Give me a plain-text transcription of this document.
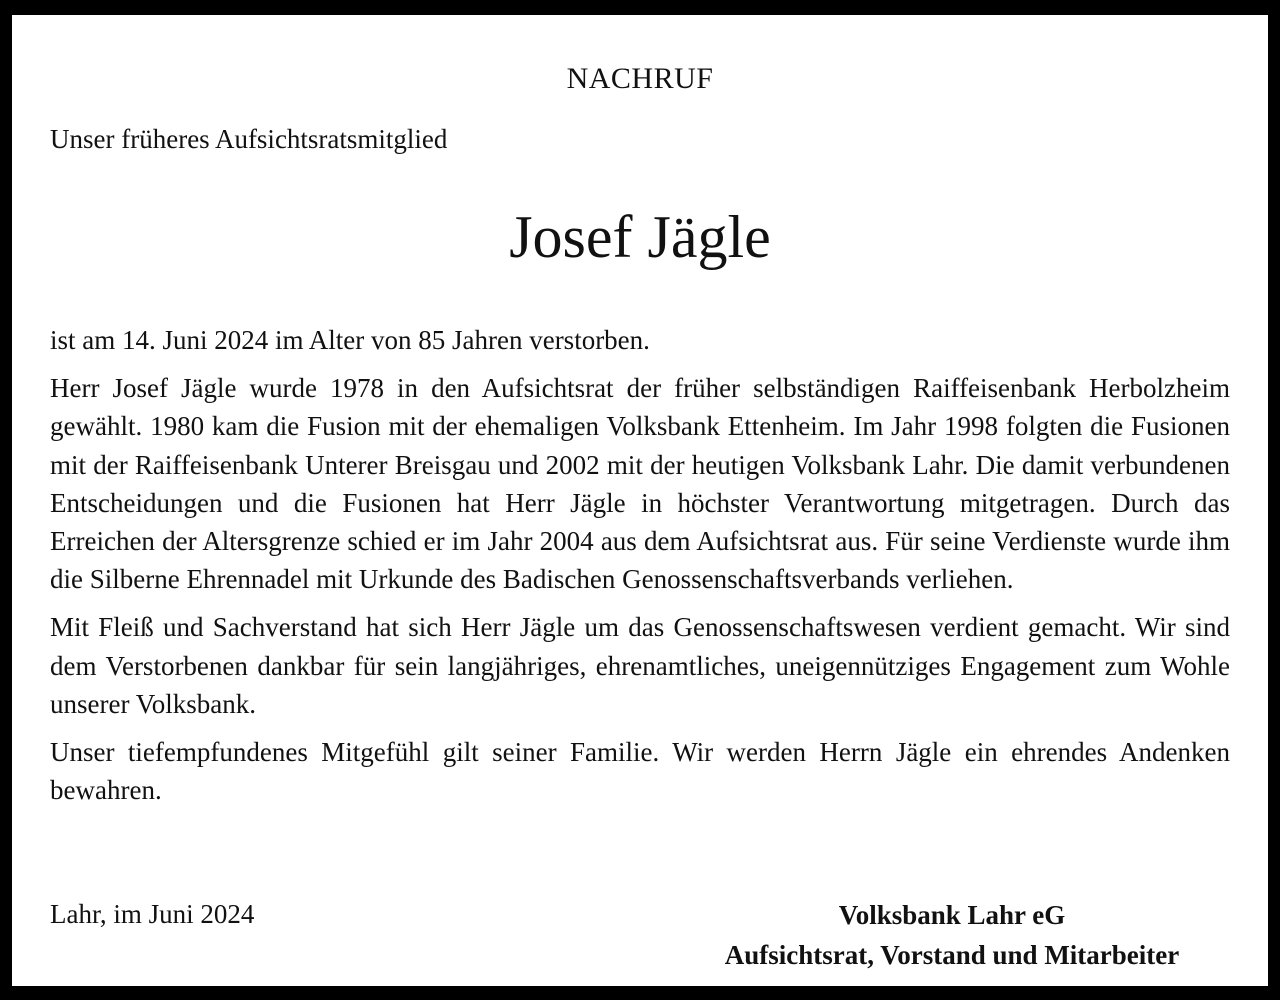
NACHRUF
Unser früheres Aufsichtsratsmitglied
Josef Jägle

ist am 14. Juni 2024 im Alter von 85 Jahren verstorben.

Herr Josef Jägle wurde 1978 in den Aufsichtsrat der früher selbständigen Raiffeisenbank Herbolzheim gewählt. 1980 kam die Fusion mit der ehemaligen Volksbank Ettenheim. Im Jahr 1998 folgten die Fusionen mit der Raiffeisenbank Unterer Breisgau und 2002 mit der heutigen Volksbank Lahr. Die damit verbundenen Entscheidungen und die Fusionen hat Herr Jägle in höchster Verantwortung mitgetragen. Durch das Erreichen der Altersgrenze schied er im Jahr 2004 aus dem Aufsichtsrat aus. Für seine Verdienste wurde ihm die Silberne Ehrennadel mit Urkunde des Badischen Genossenschaftsverbands verliehen.

Mit Fleiß und Sachverstand hat sich Herr Jägle um das Genossenschaftswesen verdient gemacht. Wir sind dem Verstorbenen dankbar für sein langjähriges, ehrenamtliches, uneigennütziges Engagement zum Wohle unserer Volksbank.

Unser tiefempfundenes Mitgefühl gilt seiner Familie. Wir werden Herrn Jägle ein ehrendes Andenken bewahren.

Lahr, im Juni 2024	Volksbank Lahr eG
Aufsichtsrat, Vorstand und Mitarbeiter
